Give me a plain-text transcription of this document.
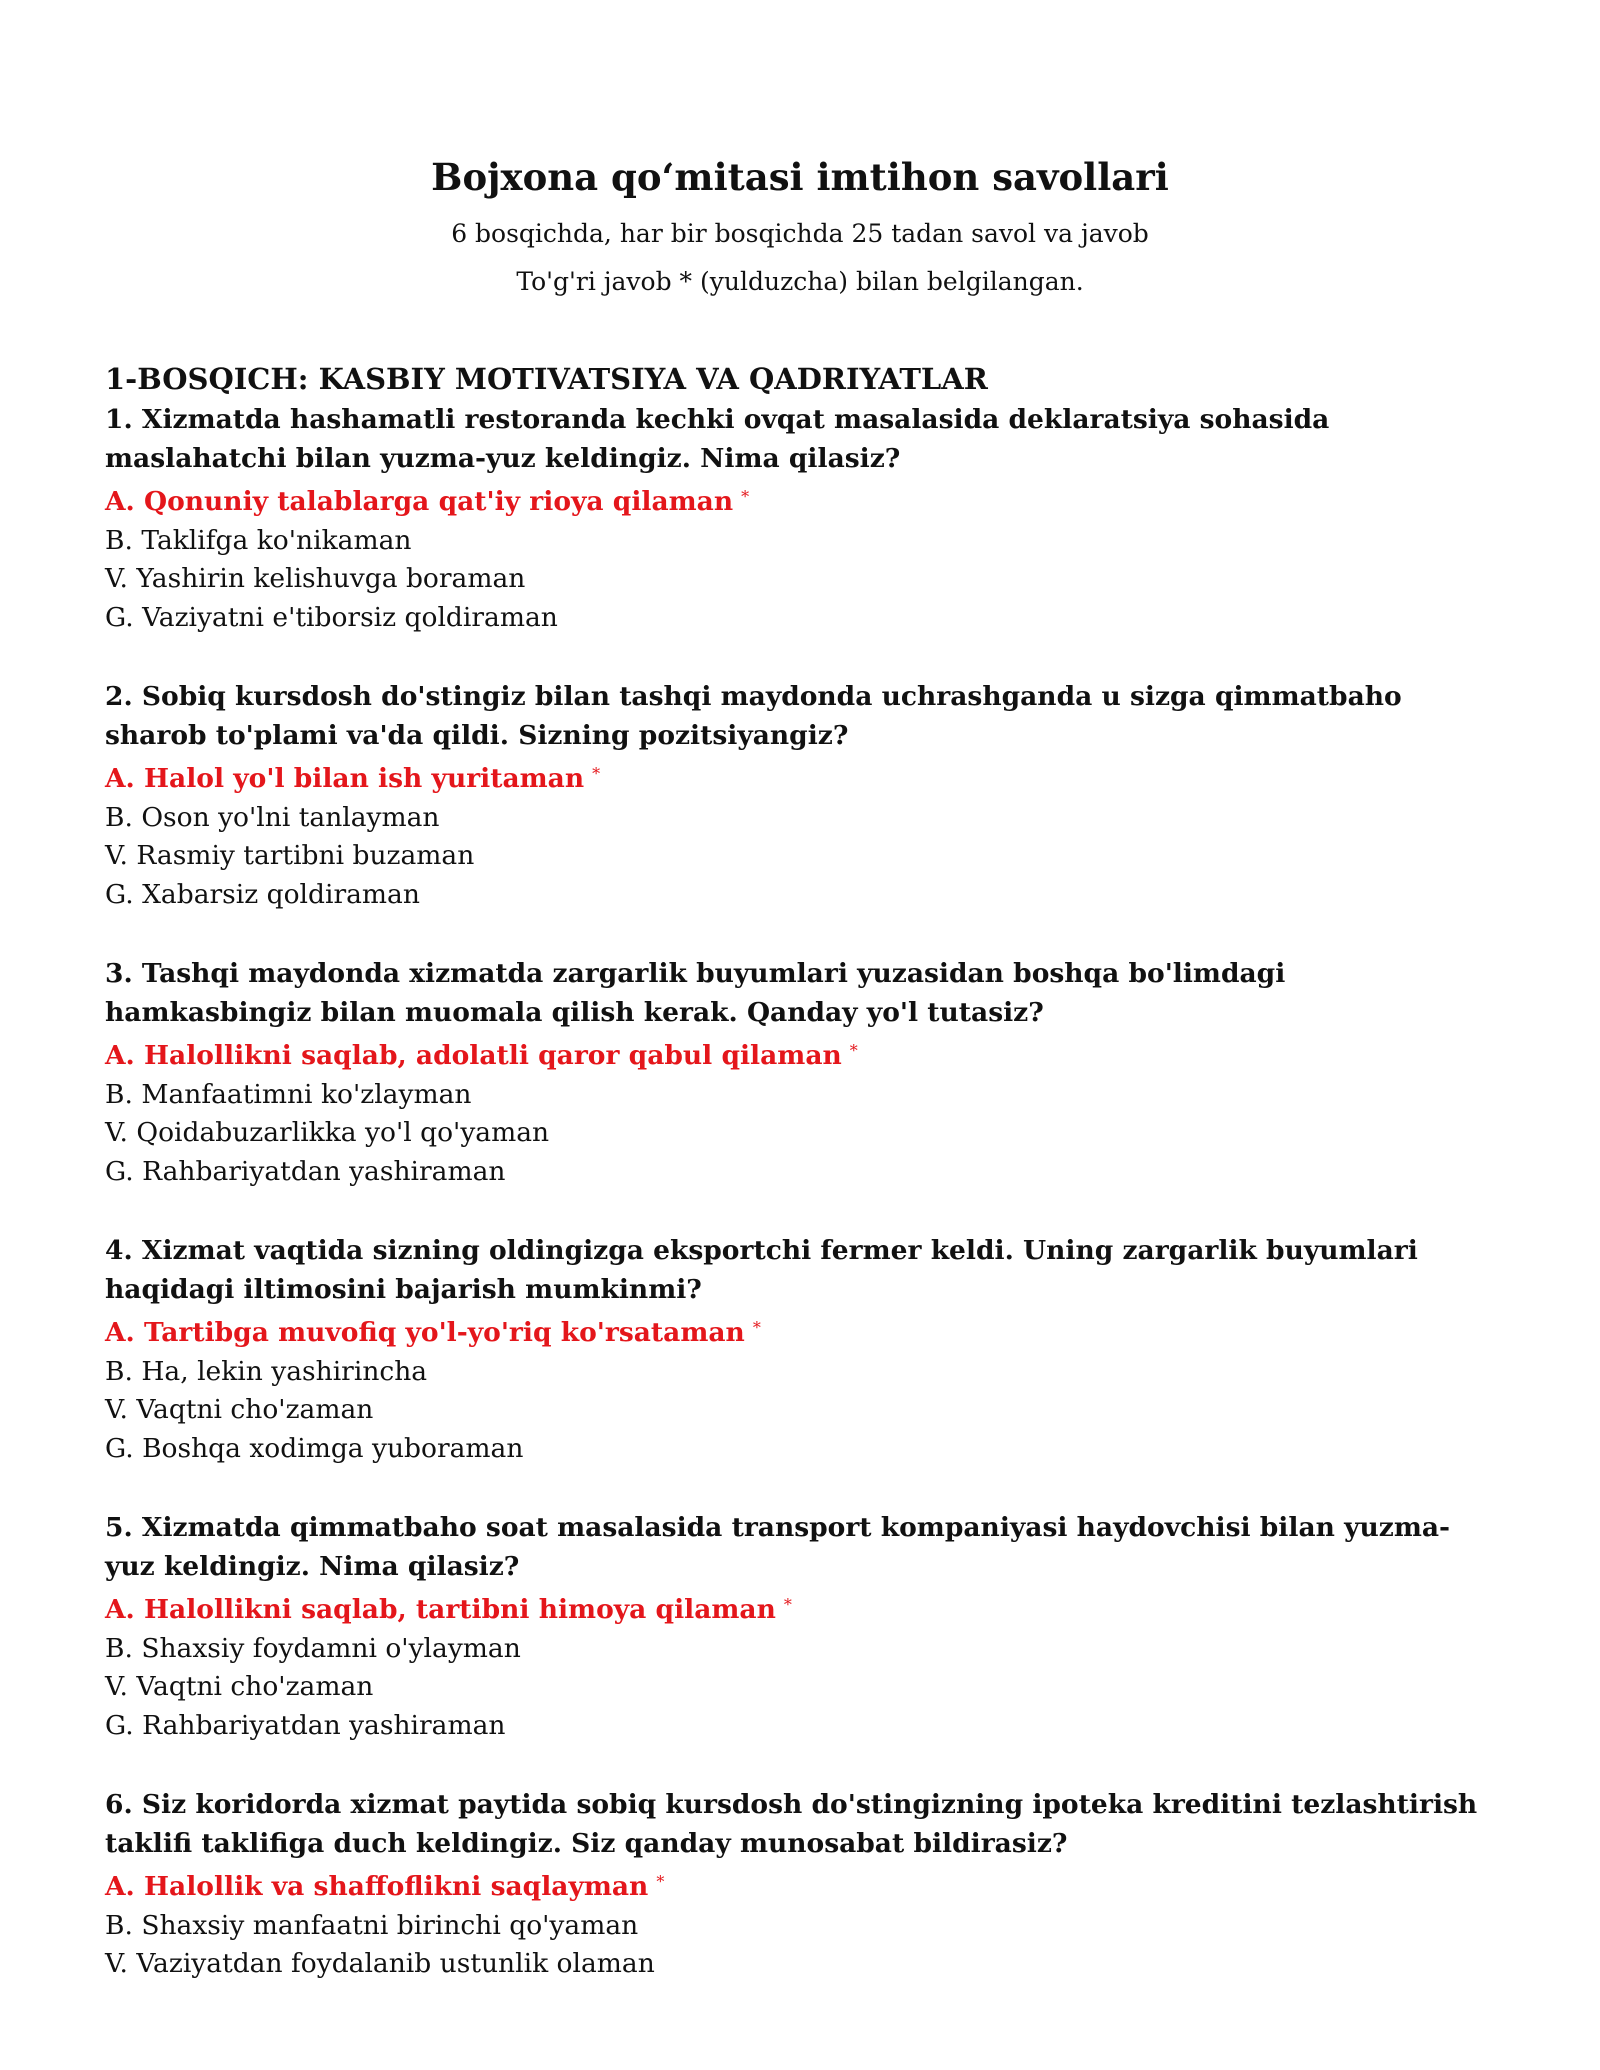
Bojxona qo‘mitasi imtihon savollari

6 bosqichda, har bir bosqichda 25 tadan savol va javob

To'g'ri javob * (yulduzcha) bilan belgilangan.

1-BOSQICH: KASBIY MOTIVATSIYA VA QADRIYATLAR

1. Xizmatda hashamatli restoranda kechki ovqat masalasida deklaratsiya sohasida maslahatchi bilan yuzma-yuz keldingiz. Nima qilasiz?

A. Qonuniy talablarga qat'iy rioya qilaman *

B. Taklifga ko'nikaman

V. Yashirin kelishuvga boraman

G. Vaziyatni e'tiborsiz qoldiraman

2. Sobiq kursdosh do'stingiz bilan tashqi maydonda uchrashganda u sizga qimmatbaho sharob to'plami va'da qildi. Sizning pozitsiyangiz?

A. Halol yo'l bilan ish yuritaman *

B. Oson yo'lni tanlayman

V. Rasmiy tartibni buzaman

G. Xabarsiz qoldiraman

3. Tashqi maydonda xizmatda zargarlik buyumlari yuzasidan boshqa bo'limdagi hamkasbingiz bilan muomala qilish kerak. Qanday yo'l tutasiz?

A. Halollikni saqlab, adolatli qaror qabul qilaman *

B. Manfaatimni ko'zlayman

V. Qoidabuzarlikka yo'l qo'yaman

G. Rahbariyatdan yashiraman

4. Xizmat vaqtida sizning oldingizga eksportchi fermer keldi. Uning zargarlik buyumlari haqidagi iltimosini bajarish mumkinmi?

A. Tartibga muvofiq yo'l-yo'riq ko'rsataman *

B. Ha, lekin yashirincha

V. Vaqtni cho'zaman

G. Boshqa xodimga yuboraman

5. Xizmatda qimmatbaho soat masalasida transport kompaniyasi haydovchisi bilan yuzma-yuz keldingiz. Nima qilasiz?

A. Halollikni saqlab, tartibni himoya qilaman *

B. Shaxsiy foydamni o'ylayman

V. Vaqtni cho'zaman

G. Rahbariyatdan yashiraman

6. Siz koridorda xizmat paytida sobiq kursdosh do'stingizning ipoteka kreditini tezlashtirish taklifi taklifiga duch keldingiz. Siz qanday munosabat bildirasiz?

A. Halollik va shaffoflikni saqlayman *

B. Shaxsiy manfaatni birinchi qo'yaman

V. Vaziyatdan foydalanib ustunlik olaman
